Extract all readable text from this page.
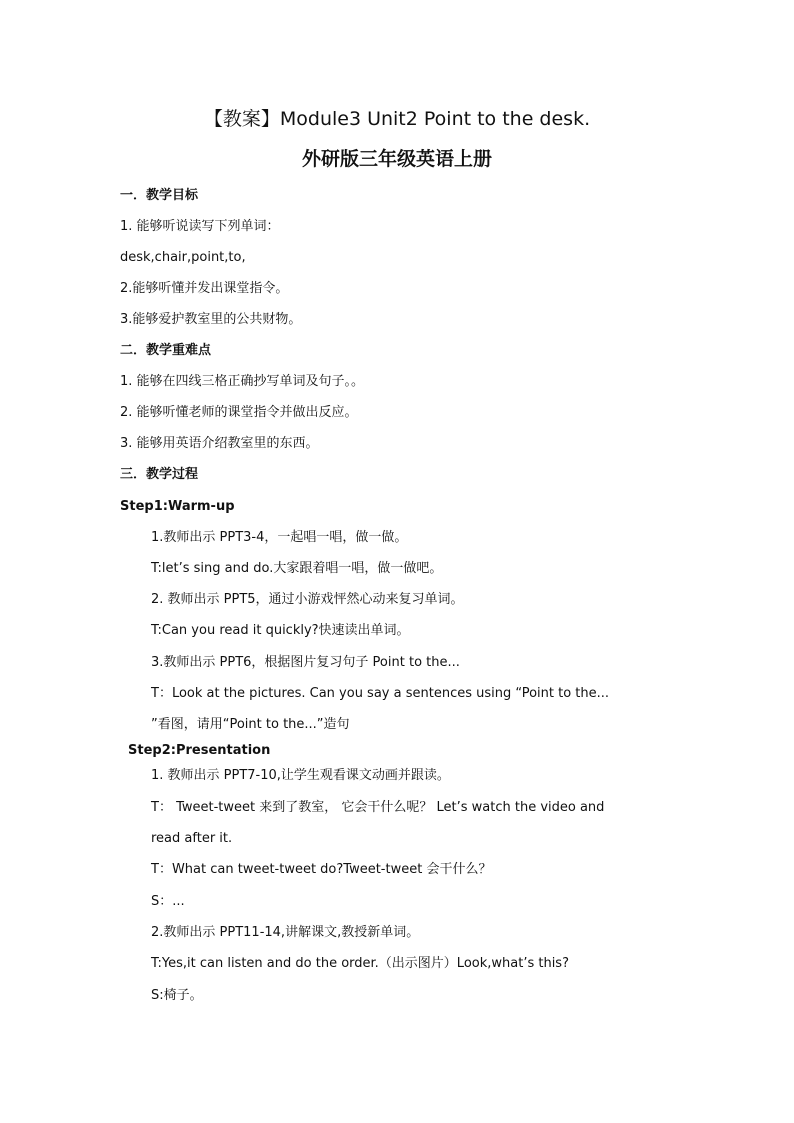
【教案】Module3 Unit2 Point to the desk.
外研版三年级英语上册
一．教学目标
1. 能够听说读写下列单词：
desk,chair,point,to,
2.能够听懂并发出课堂指令。
3.能够爱护教室里的公共财物。
二．教学重难点
1. 能够在四线三格正确抄写单词及句子。。
2. 能够听懂老师的课堂指令并做出反应。
3. 能够用英语介绍教室里的东西。
三．教学过程
Step1:Warm-up
1.教师出示 PPT3-4，一起唱一唱，做一做。
T:let’s sing and do.大家跟着唱一唱，做一做吧。
2. 教师出示 PPT5，通过小游戏怦然心动来复习单词。
T:Can you read it quickly?快速读出单词。
3.教师出示 PPT6，根据图片复习句子 Point to the...
T：Look at the pictures. Can you say a sentences using “Point to the...
”看图，请用“Point to the...”造句
Step2:Presentation
1. 教师出示 PPT7-10,让学生观看课文动画并跟读。
T： Tweet-tweet 来到了教室， 它会干什么呢？ Let’s watch the video and
read after it.
T：What can tweet-tweet do?Tweet-tweet 会干什么？
S：...
2.教师出示 PPT11-14,讲解课文,教授新单词。
T:Yes,it can listen and do the order.（出示图片）Look,what’s this?
S:椅子。
